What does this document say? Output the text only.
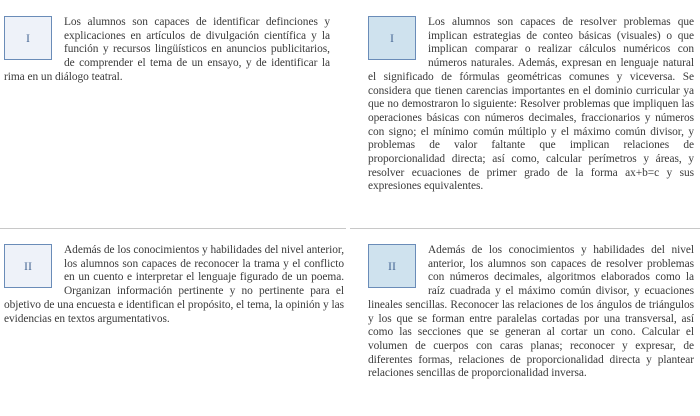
I

Los alumnos son capaces de identificar definciones y explicaciones en artículos de divulgación científica y la función y recursos lingüísticos en anuncios publicitarios, de comprender el tema de un ensayo, y de identificar la rima en un diálogo teatral.

I

Los alumnos son capaces de resolver problemas que implican estrategias de conteo básicas (visuales) o que implican comparar o realizar cálculos numéricos con números naturales. Además, expresan en lenguaje natural el significado de fórmulas geométricas comunes y viceversa. Se considera que tienen carencias importantes en el dominio curricular ya que no demostraron lo siguiente: Resolver problemas que impliquen las operaciones básicas con números decimales, fraccionarios y números con signo; el mínimo común múltiplo y el máximo común divisor, y problemas de valor faltante que implican relaciones de proporcionalidad directa; así como, calcular perímetros y áreas, y resolver ecuaciones de primer grado de la forma ax+b=c y sus expresiones equivalentes.

II

Además de los conocimientos y habilidades del nivel anterior, los alumnos son capaces de reconocer la trama y el conflicto en un cuento e interpretar el lenguaje figurado de un poema. Organizan información pertinente y no pertinente para el objetivo de una encuesta e identifican el propósito, el tema, la opinión y las evidencias en textos argumentativos.

II

Además de los conocimientos y habilidades del nivel anterior, los alumnos son capaces de resolver problemas con números decimales, algoritmos elaborados como la raíz cuadrada y el máximo común divisor, y ecuaciones lineales sencillas. Reconocer las relaciones de los ángulos de triángulos y los que se forman entre paralelas cortadas por una transversal, así como las secciones que se generan al cortar un cono. Calcular el volumen de cuerpos con caras planas; reconocer y expresar, de diferentes formas, relaciones de proporcionalidad directa y plantear relaciones sencillas de proporcionalidad inversa.
